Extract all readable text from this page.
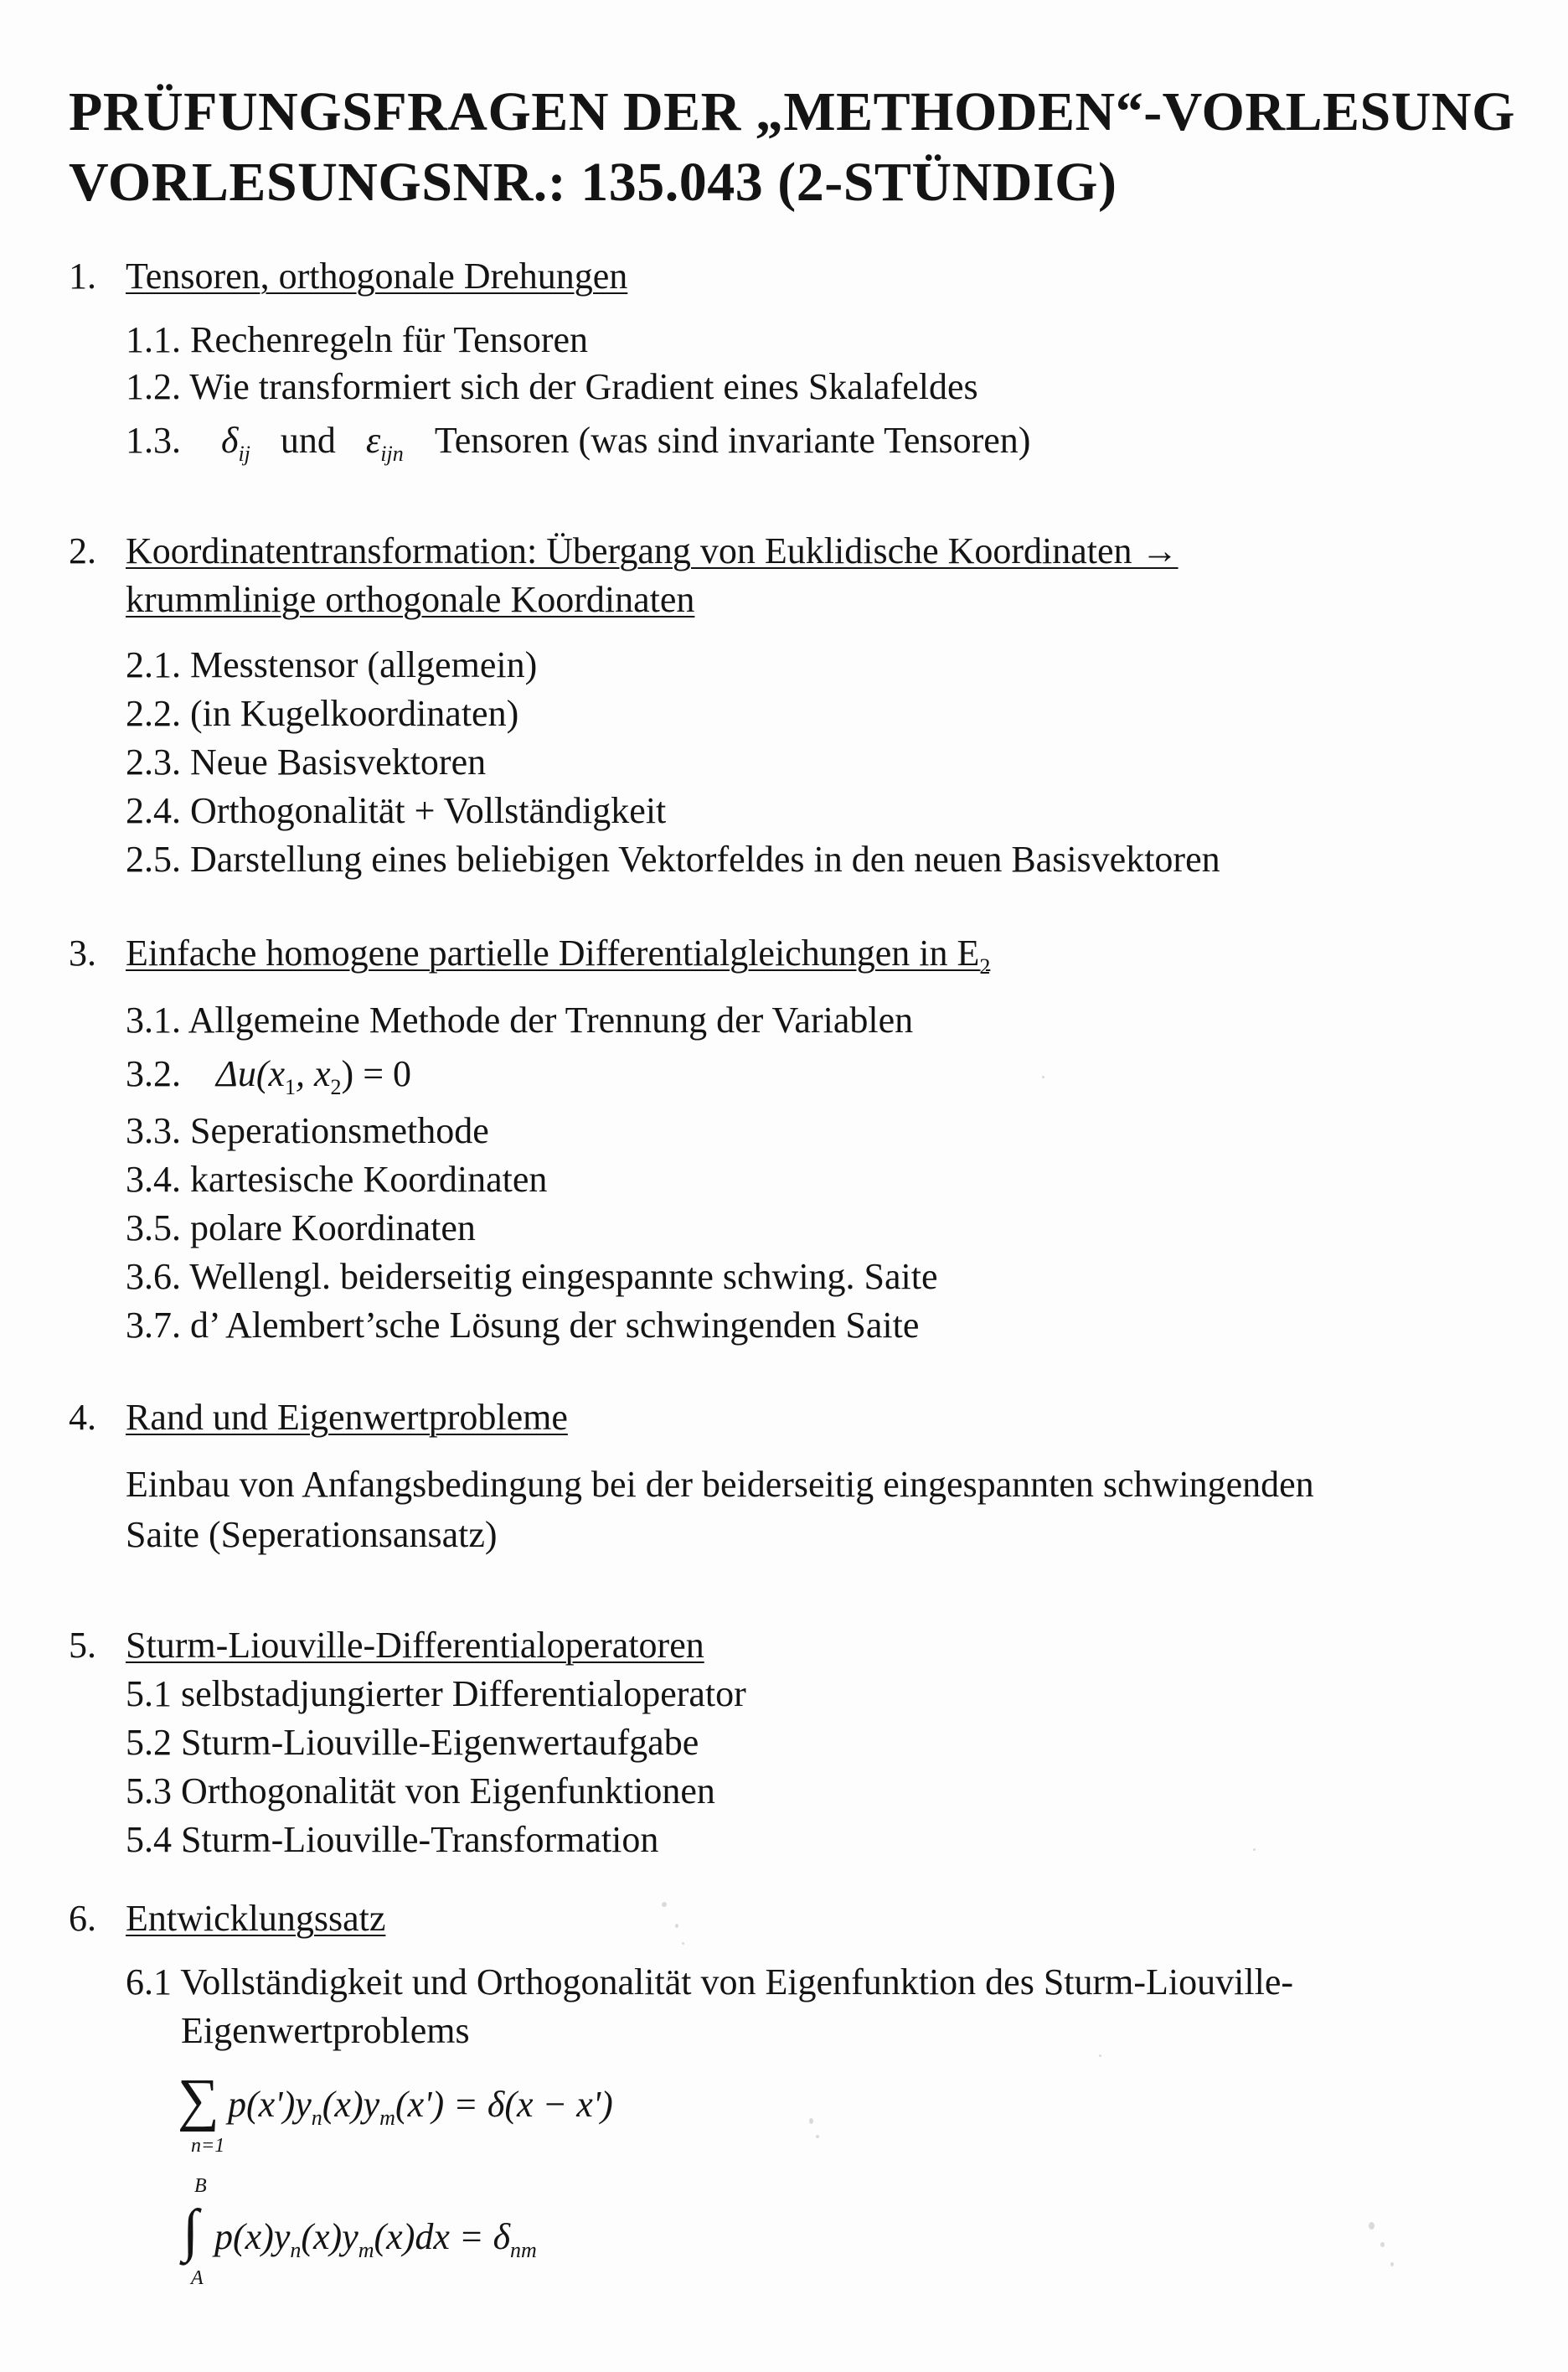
PRÜFUNGSFRAGEN DER „METHODEN“-VORLESUNG
VORLESUNGSNR.: 135.043 (2-STÜNDIG)
1. Tensoren, orthogonale Drehungen
1.1. Rechenregeln für Tensoren
1.2. Wie transformiert sich der Gradient eines Skalafeldes
1.3. $\delta_{ij}$ und $\varepsilon_{ijn}$ Tensoren (was sind invariante Tensoren)
2. Koordinatentransformation: Übergang von Euklidische Koordinaten →
krummlinige orthogonale Koordinaten
2.1. Messtensor (allgemein)
2.2. (in Kugelkoordinaten)
2.3. Neue Basisvektoren
2.4. Orthogonalität + Vollständigkeit
2.5. Darstellung eines beliebigen Vektorfeldes in den neuen Basisvektoren
3. Einfache homogene partielle Differentialgleichungen in $E_2$
3.1. Allgemeine Methode der Trennung der Variablen
3.2. $\Delta u(x_1$, $x_2) = 0$
3.3. Seperationsmethode
3.4. kartesische Koordinaten
3.5. polare Koordinaten
3.6. Wellengl. beiderseitig eingespannte schwing. Saite
3.7. d’ Alembert’sche Lösung der schwingenden Saite
4. Rand und Eigenwertprobleme
Einbau von Anfangsbedingung bei der beiderseitig eingespannten schwingenden
Saite (Seperationsansatz)
5. Sturm-Liouville-Differentialoperatoren
5.1 selbstadjungierter Differentialoperator
5.2 Sturm-Liouville-Eigenwertaufgabe
5.3 Orthogonalität von Eigenfunktionen
5.4 Sturm-Liouville-Transformation
6. Entwicklungssatz
6.1 Vollständigkeit und Orthogonalität von Eigenfunktion des Sturm-Liouville-
Eigenwertproblems
∑
n=1
$p(x')y_n(x)y_m(x') = \delta(x - x')$
B
∫
A
$p(x)y_n(x)y_m(x)dx = \delta_{nm}$
